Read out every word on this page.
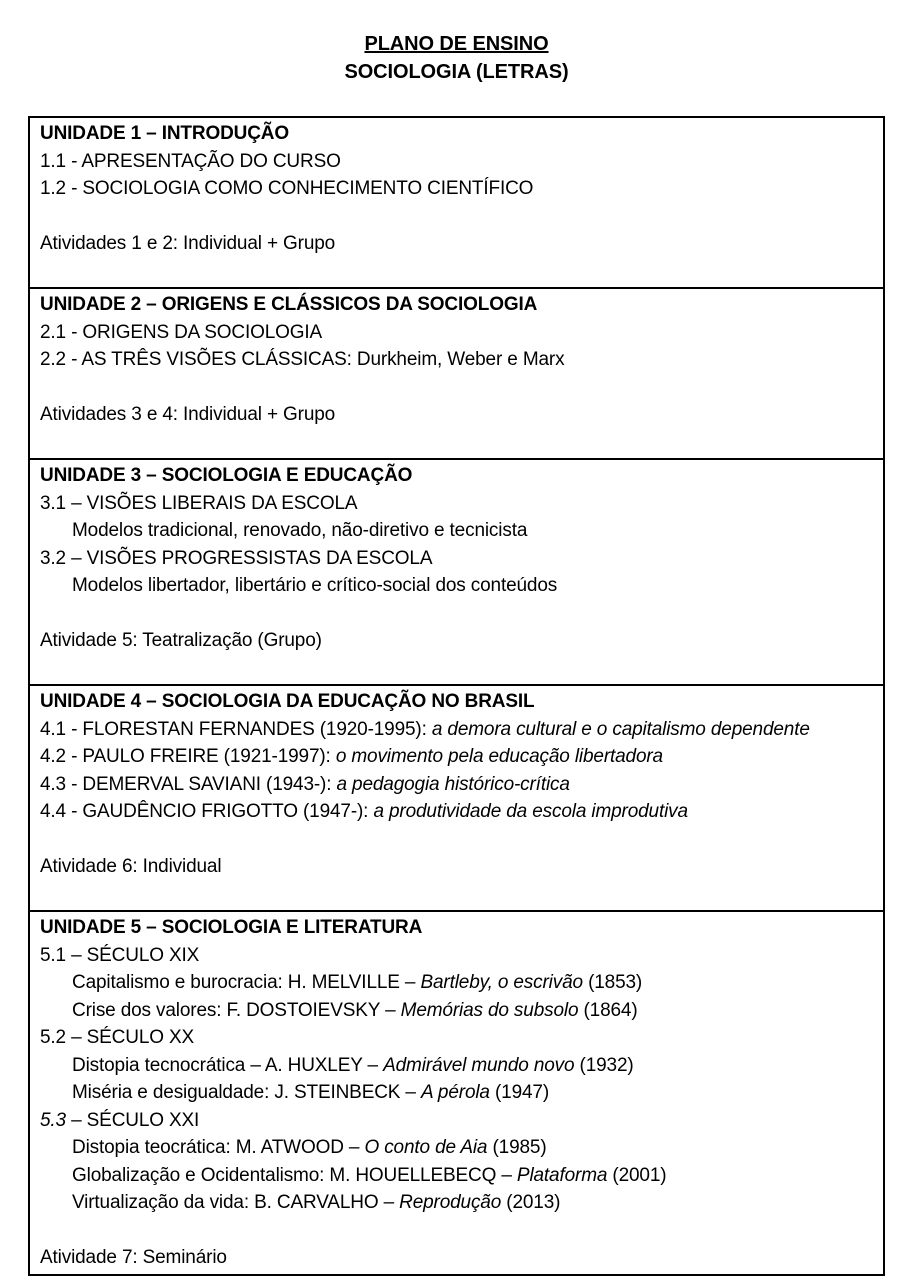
PLANO DE ENSINO
SOCIOLOGIA (LETRAS)
UNIDADE 1 – INTRODUÇÃO
1.1 - APRESENTAÇÃO DO CURSO
1.2 - SOCIOLOGIA COMO CONHECIMENTO CIENTÍFICO

Atividades 1 e 2: Individual + Grupo

UNIDADE 2 – ORIGENS E CLÁSSICOS DA SOCIOLOGIA
2.1 - ORIGENS DA SOCIOLOGIA
2.2 - AS TRÊS VISÕES CLÁSSICAS: Durkheim, Weber e Marx

Atividades 3 e 4: Individual + Grupo

UNIDADE 3 – SOCIOLOGIA E EDUCAÇÃO
3.1 – VISÕES LIBERAIS DA ESCOLA
Modelos tradicional, renovado, não-diretivo e tecnicista
3.2 – VISÕES PROGRESSISTAS DA ESCOLA
Modelos libertador, libertário e crítico-social dos conteúdos

Atividade 5: Teatralização (Grupo)

UNIDADE 4 – SOCIOLOGIA DA EDUCAÇÃO NO BRASIL
4.1 - FLORESTAN FERNANDES (1920-1995): a demora cultural e o capitalismo dependente
4.2 - PAULO FREIRE (1921-1997): o movimento pela educação libertadora
4.3 - DEMERVAL SAVIANI (1943-): a pedagogia histórico-crítica
4.4 - GAUDÊNCIO FRIGOTTO (1947-): a produtividade da escola improdutiva

Atividade 6: Individual

UNIDADE 5 – SOCIOLOGIA E LITERATURA
5.1 – SÉCULO XIX
Capitalismo e burocracia: H. MELVILLE – Bartleby, o escrivão (1853)
Crise dos valores: F. DOSTOIEVSKY – Memórias do subsolo (1864)
5.2 – SÉCULO XX
Distopia tecnocrática – A. HUXLEY – Admirável mundo novo (1932)
Miséria e desigualdade: J. STEINBECK – A pérola (1947)
5.3 – SÉCULO XXI
Distopia teocrática: M. ATWOOD – O conto de Aia (1985)
Globalização e Ocidentalismo: M. HOUELLEBECQ – Plataforma (2001)
Virtualização da vida: B. CARVALHO – Reprodução (2013)

Atividade 7: Seminário
